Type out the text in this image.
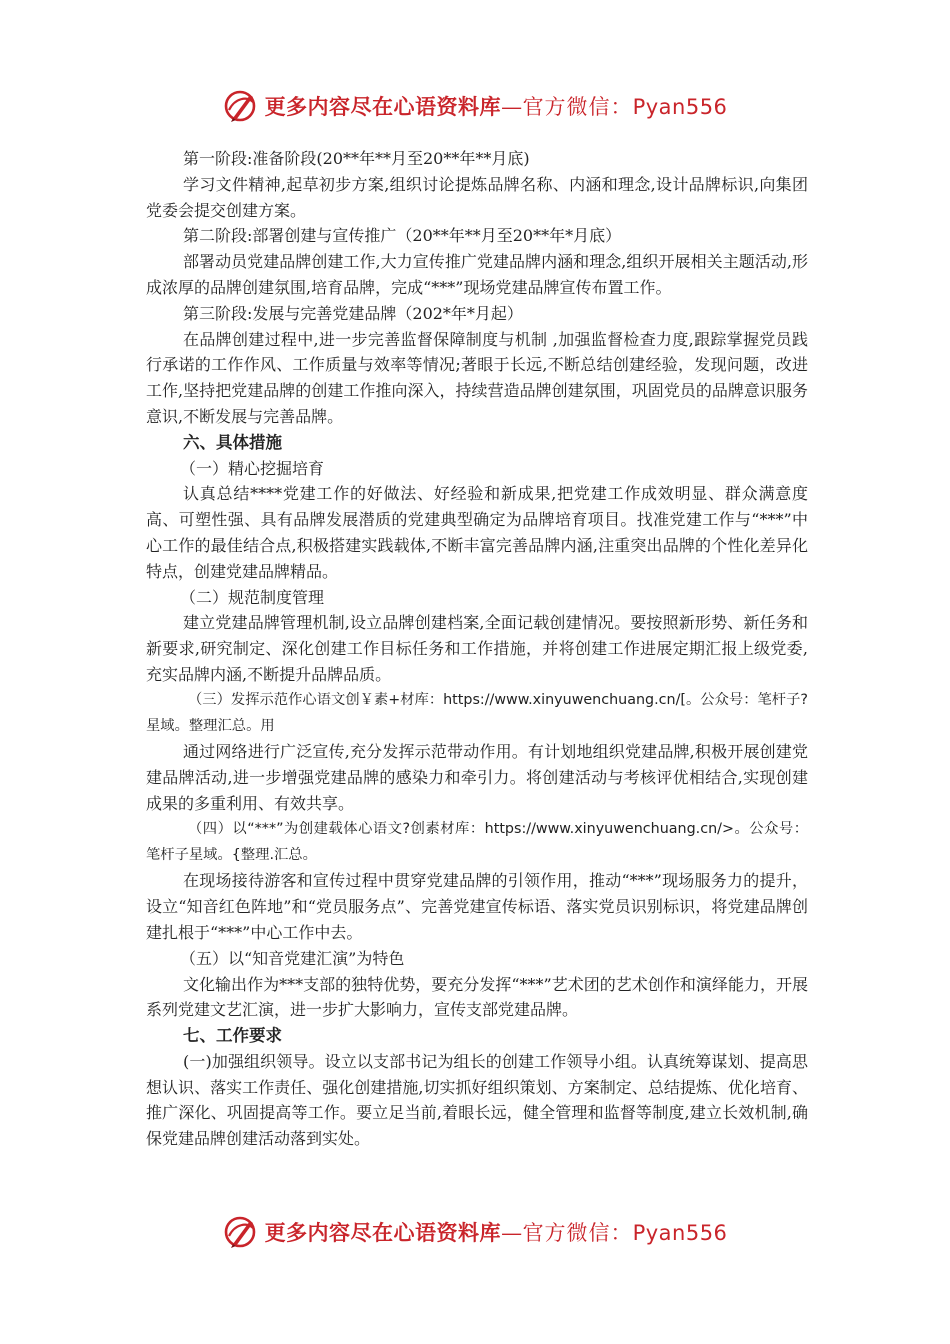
更多内容尽在心语资料库—官方微信：Pyan556

第一阶段:准备阶段(20**年**月至20**年**月底)

学习文件精神,起草初步方案,组织讨论提炼品牌名称、内涵和理念,设计品牌标识,向集团党委会提交创建方案。

第二阶段:部署创建与宣传推广（20**年**月至20**年*月底）

部署动员党建品牌创建工作,大力宣传推广党建品牌内涵和理念,组织开展相关主题活动,形成浓厚的品牌创建氛围,培育品牌，完成“***”现场党建品牌宣传布置工作。

第三阶段:发展与完善党建品牌（202*年*月起）

在品牌创建过程中,进一步完善监督保障制度与机制 ,加强监督检查力度,跟踪掌握党员践行承诺的工作作风、工作质量与效率等情况;著眼于长远,不断总结创建经验，发现问题，改进工作,坚持把党建品牌的创建工作推向深入，持续营造品牌创建氛围，巩固党员的品牌意识服务意识,不断发展与完善品牌。

六、具体措施

（一）精心挖掘培育

认真总结****党建工作的好做法、好经验和新成果,把党建工作成效明显、群众满意度高、可塑性强、具有品牌发展潜质的党建典型确定为品牌培育项目。找准党建工作与“***”中心工作的最佳结合点,积极搭建实践载体,不断丰富完善品牌内涵,注重突出品牌的个性化差异化特点，创建党建品牌精品。

（二）规范制度管理

建立党建品牌管理机制,设立品牌创建档案,全面记载创建情况。要按照新形势、新任务和新要求,研究制定、深化创建工作目标任务和工作措施，并将创建工作进展定期汇报上级党委,充实品牌内涵,不断提升品牌品质。

（三）发挥示范作心语文创￥素+材库：https://www.xinyuwenchuang.cn/[。公众号：笔杆子?星域。整理汇总。用

通过网络进行广泛宣传,充分发挥示范带动作用。有计划地组织党建品牌,积极开展创建党建品牌活动,进一步增强党建品牌的感染力和牵引力。将创建活动与考核评优相结合,实现创建成果的多重利用、有效共享。

（四）以“***”为创建载体心语文?创素材库：https://www.xinyuwenchuang.cn/>。公众号：笔杆子星域。{整理.汇总。

在现场接待游客和宣传过程中贯穿党建品牌的引领作用，推动“***”现场服务力的提升，设立“知音红色阵地”和“党员服务点”、完善党建宣传标语、落实党员识别标识，将党建品牌创建扎根于“***”中心工作中去。

（五）以“知音党建汇演”为特色

文化输出作为***支部的独特优势，要充分发挥“***”艺术团的艺术创作和演绎能力，开展系列党建文艺汇演，进一步扩大影响力，宣传支部党建品牌。

七、工作要求

(一)加强组织领导。设立以支部书记为组长的创建工作领导小组。认真统筹谋划、提高思想认识、落实工作责任、强化创建措施,切实抓好组织策划、方案制定、总结提炼、优化培育、推广深化、巩固提高等工作。要立足当前,着眼长远，健全管理和监督等制度,建立长效机制,确保党建品牌创建活动落到实处。

更多内容尽在心语资料库—官方微信：Pyan556
